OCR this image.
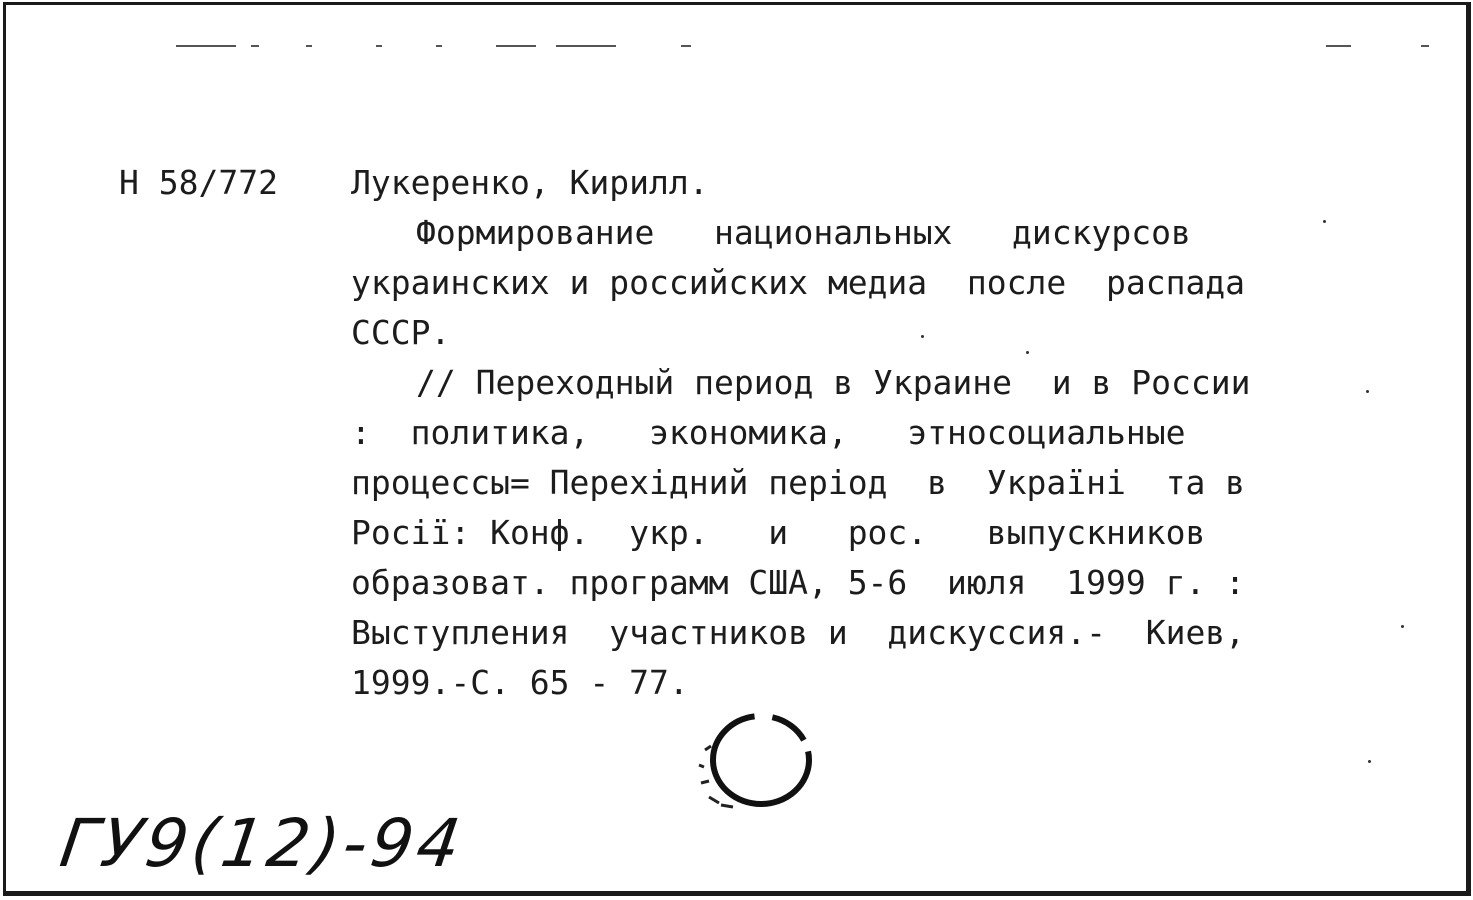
Н 58/772 Лукеренко, Кирилл.
Формирование   национальных   дискурсов
украинских и российских медиа  после  распада
СССР.
// Переходный период в Украине  и в России
:  политика,   экономика,   этносоциальные
процессы= Перехідний період  в  Україні  та в
Росії: Конф.  укр.   и   рос.   выпускников
образоват. программ США, 5-6  июля  1999 г. :
Выступления  участников и  дискуссия.-  Киев,
1999.-С. 65 - 77.
ГУ9(12)-94
